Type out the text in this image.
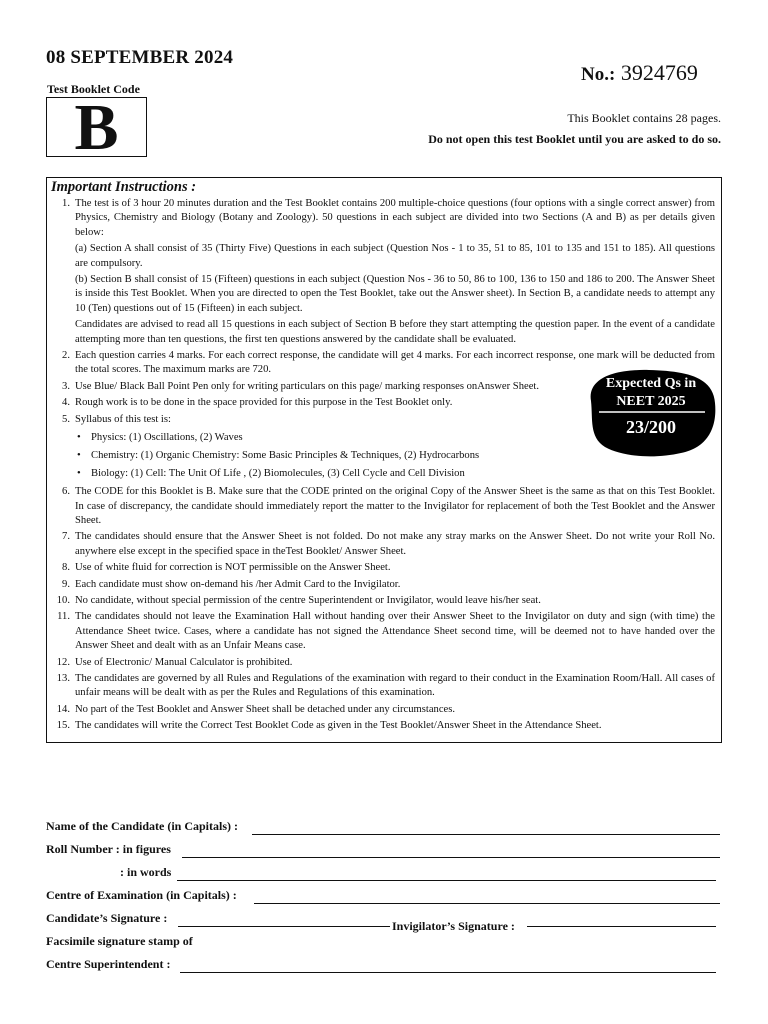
08 SEPTEMBER 2024
No.: 3924769
Test Booklet Code
B	This Booklet contains 28 pages.
Do not open this test Booklet until you are asked to do so.
Important Instructions :
1. The test is of 3 hour 20 minutes duration and the Test Booklet contains 200 multiple-choice questions (four options with a single correct answer) from Physics, Chemistry and Biology (Botany and Zoology). 50 questions in each subject are divided into two Sections (A and B) as per details given below:
(a) Section A shall consist of 35 (Thirty Five) Questions in each subject (Question Nos - 1 to 35, 51 to 85, 101 to 135 and 151 to 185). All questions are compulsory.
(b) Section B shall consist of 15 (Fifteen) questions in each subject (Question Nos - 36 to 50, 86 to 100, 136 to 150 and 186 to 200. The Answer Sheet is inside this Test Booklet. When you are directed to open the Test Booklet, take out the Answer sheet). In Section B, a candidate needs to attempt any 10 (Ten) questions out of 15 (Fifteen) in each subject.
Candidates are advised to read all 15 questions in each subject of Section B before they start attempting the question paper. In the event of a candidate attempting more than ten questions, the first ten questions answered by the candidate shall be evaluated.
2. Each question carries 4 marks. For each correct response, the candidate will get 4 marks. For each incorrect response, one mark will be deducted from the total scores. The maximum marks are 720.
3. Use Blue/ Black Ball Point Pen only for writing particulars on this page/ marking responses onAnswer Sheet.
4. Rough work is to be done in the space provided for this purpose in the Test Booklet only.
5. Syllabus of this test is:
• Physics: (1) Oscillations, (2) Waves
• Chemistry: (1) Organic Chemistry: Some Basic Principles & Techniques, (2) Hydrocarbons
• Biology: (1) Cell: The Unit Of Life , (2) Biomolecules, (3) Cell Cycle and Cell Division
6. The CODE for this Booklet is B. Make sure that the CODE printed on the original Copy of the Answer Sheet is the same as that on this Test Booklet. In case of discrepancy, the candidate should immediately report the matter to the Invigilator for replacement of both the Test Booklet and the Answer Sheet.
7. The candidates should ensure that the Answer Sheet is not folded. Do not make any stray marks on the Answer Sheet. Do not write your Roll No. anywhere else except in the specified space in theTest Booklet/ Answer Sheet.
8. Use of white fluid for correction is NOT permissible on the Answer Sheet.
9. Each candidate must show on-demand his /her Admit Card to the Invigilator.
10. No candidate, without special permission of the centre Superintendent or Invigilator, would leave his/her seat.
11. The candidates should not leave the Examination Hall without handing over their Answer Sheet to the Invigilator on duty and sign (with time) the Attendance Sheet twice. Cases, where a candidate has not signed the Attendance Sheet second time, will be deemed not to have handed over the Answer Sheet and dealt with as an Unfair Means case.
12. Use of Electronic/ Manual Calculator is prohibited.
13. The candidates are governed by all Rules and Regulations of the examination with regard to their conduct in the Examination Room/Hall. All cases of unfair means will be dealt with as per the Rules and Regulations of this examination.
14. No part of the Test Booklet and Answer Sheet shall be detached under any circumstances.
15. The candidates will write the Correct Test Booklet Code as given in the Test Booklet/Answer Sheet in the Attendance Sheet.
Expected Qs in
NEET 2025
23/200
Name of the Candidate (in Capitals) :
Roll Number : in figures
: in words
Centre of Examination (in Capitals) :
Candidate’s Signature :
Invigilator’s Signature :
Facsimile signature stamp of
Centre Superintendent :
